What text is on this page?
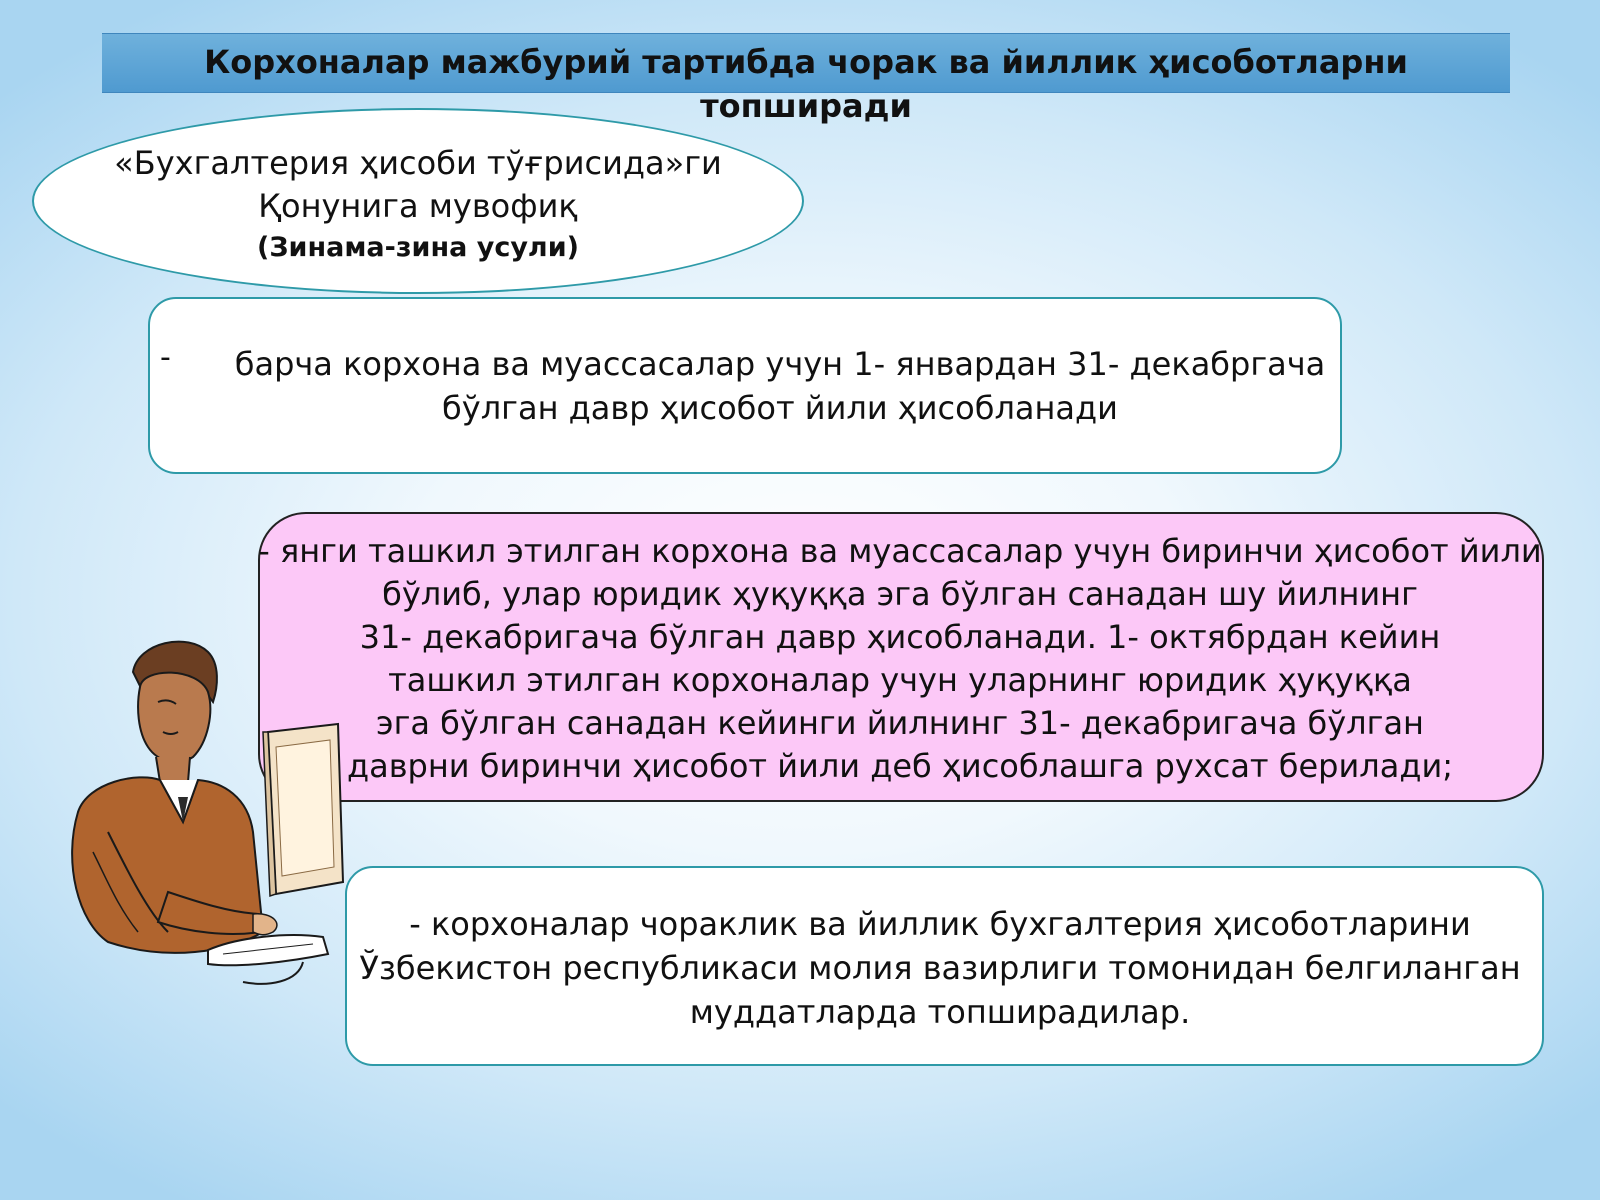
Корхоналар мажбурий тартибда чорак ва йиллик ҳисоботларни
топширади
«Бухгалтерия ҳисоби тўғрисида»ги
Қонунига мувофиқ
(Зинама-зина усули)
-	барча корхона ва муассасалар учун 1- январдан 31- декабргача
бўлган давр ҳисобот йили ҳисобланади
- янги ташкил этилган корхона ва муассасалар учун биринчи ҳисобот йили
бўлиб, улар юридик ҳуқуққа эга бўлган санадан шу йилнинг
31- декабригача бўлган давр ҳисобланади. 1- октябрдан кейин
ташкил этилган корхоналар учун уларнинг юридик ҳуқуққа
эга бўлган санадан кейинги йилнинг 31- декабригача бўлган
даврни биринчи ҳисобот йили деб ҳисоблашга рухсат берилади;
- корхоналар чораклик ва йиллик бухгалтерия ҳисоботларини
Ўзбекистон республикаси молия вазирлиги томонидан белгиланган
муддатларда топширадилар.
